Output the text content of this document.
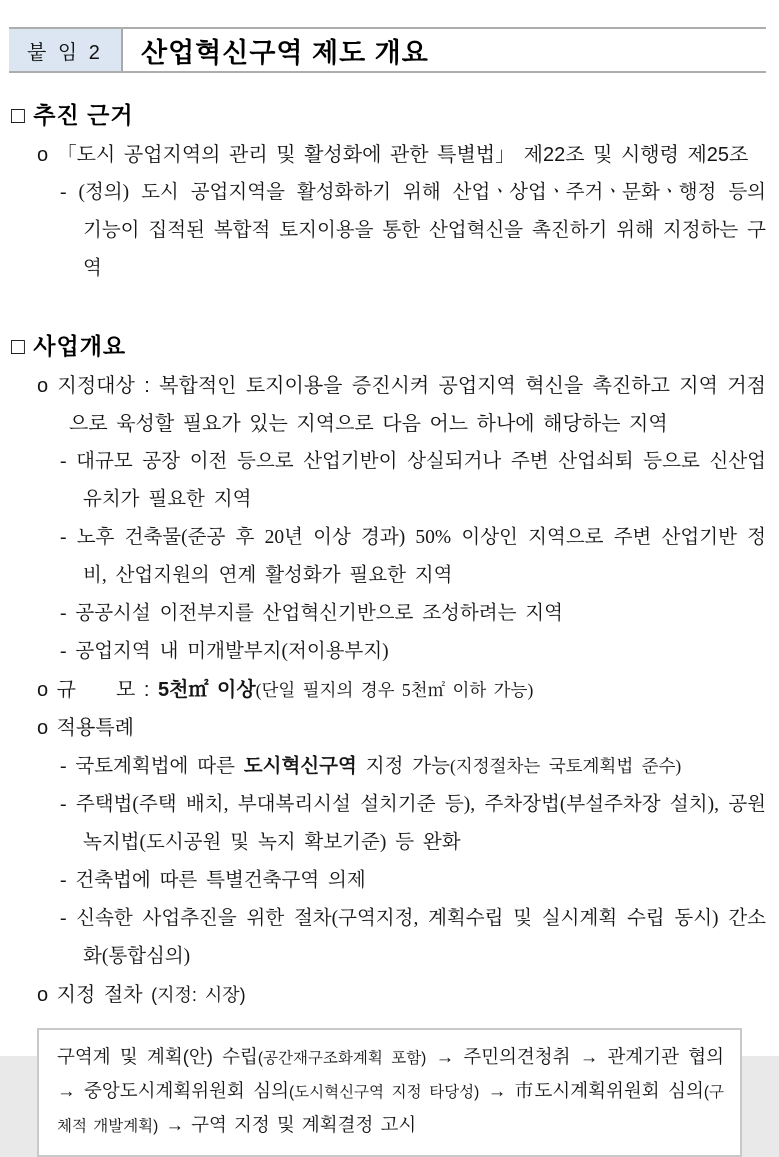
붙 임 2	산업혁신구역 제도 개요
□ 추진 근거

o 「도시 공업지역의 관리 및 활성화에 관한 특별법」 제22조 및 시행령 제25조

- (정의) 도시 공업지역을 활성화하기 위해 산업ㆍ상업ㆍ주거ㆍ문화ㆍ행정 등의 기능이 집적된 복합적 토지이용을 통한 산업혁신을 촉진하기 위해 지정하는 구역

□ 사업개요

o 지정대상 : 복합적인 토지이용을 증진시켜 공업지역 혁신을 촉진하고 지역 거점으로 육성할 필요가 있는 지역으로 다음 어느 하나에 해당하는 지역

- 대규모 공장 이전 등으로 산업기반이 상실되거나 주변 산업쇠퇴 등으로 신산업 유치가 필요한 지역

- 노후 건축물(준공 후 20년 이상 경과) 50% 이상인 지역으로 주변 산업기반 정비, 산업지원의 연계 활성화가 필요한 지역

- 공공시설 이전부지를 산업혁신기반으로 조성하려는 지역

- 공업지역 내 미개발부지(저이용부지)

o 규　　모 : 5천㎡ 이상(단일 필지의 경우 5천㎡ 이하 가능)

o 적용특례

- 국토계획법에 따른 도시혁신구역 지정 가능(지정절차는 국토계획법 준수)

- 주택법(주택 배치, 부대복리시설 설치기준 등), 주차장법(부설주차장 설치), 공원녹지법(도시공원 및 녹지 확보기준) 등 완화

- 건축법에 따른 특별건축구역 의제

- 신속한 사업추진을 위한 절차(구역지정, 계획수립 및 실시계획 수립 동시) 간소화(통합심의)

o 지정 절차 (지정: 시장)

구역계 및 계획(안) 수립(공간재구조화계획 포함) → 주민의견청취 → 관계기관 협의 → 중앙도시계획위원회 심의(도시혁신구역 지정 타당성) → 市도시계획위원회 심의(구체적 개발계획) → 구역 지정 및 계획결정 고시
